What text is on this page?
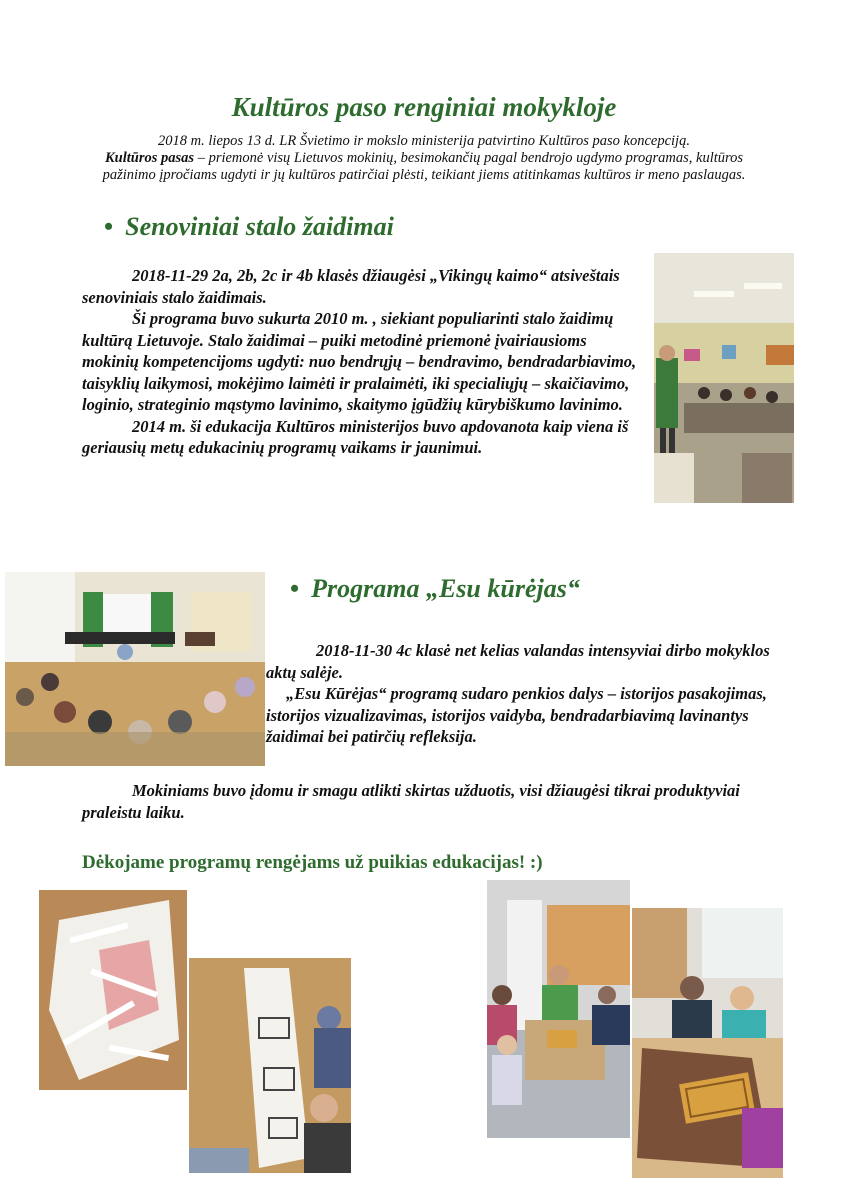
Kultūros paso renginiai mokykloje
2018 m. liepos 13 d. LR Švietimo ir mokslo ministerija patvirtino Kultūros paso koncepciją.
Kultūros pasas – priemonė visų Lietuvos mokinių, besimokančių pagal bendrojo ugdymo programas, kultūros pažinimo įpročiams ugdyti ir jų kultūros patirčiai plėsti, teikiant jiems atitinkamas kultūros ir meno paslaugas.
• Senoviniai stalo žaidimai

2018-11-29 2a, 2b, 2c ir 4b klasės džiaugėsi „Vikingų kaimo“ atsiveštais senoviniais stalo žaidimais.

Ši programa buvo sukurta 2010 m. , siekiant populiarinti stalo žaidimų kultūrą Lietuvoje. Stalo žaidimai – puiki metodinė priemonė įvairiausioms mokinių kompetencijoms ugdyti: nuo bendrųjų – bendravimo, bendradarbiavimo, taisyklių laikymosi, mokėjimo laimėti ir pralaimėti, iki specialiųjų – skaičiavimo, loginio, strateginio mąstymo lavinimo, skaitymo įgūdžių kūrybiškumo lavinimo.

2014 m. ši edukacija Kultūros ministerijos buvo apdovanota kaip viena iš geriausių metų edukacinių programų vaikams ir jaunimui.

• Programa „Esu kūrėjas“

2018-11-30 4c klasė net kelias valandas intensyviai dirbo mokyklos aktų salėje.

„Esu Kūrėjas“ programą sudaro penkios dalys – istorijos pasakojimas, istorijos vizualizavimas, istorijos vaidyba, bendradarbiavimą lavinantys žaidimai bei patirčių refleksija.

Mokiniams buvo įdomu ir smagu atlikti skirtas užduotis, visi džiaugėsi tikrai produktyviai praleistu laiku.

Dėkojame programų rengėjams už puikias edukacijas! :)
